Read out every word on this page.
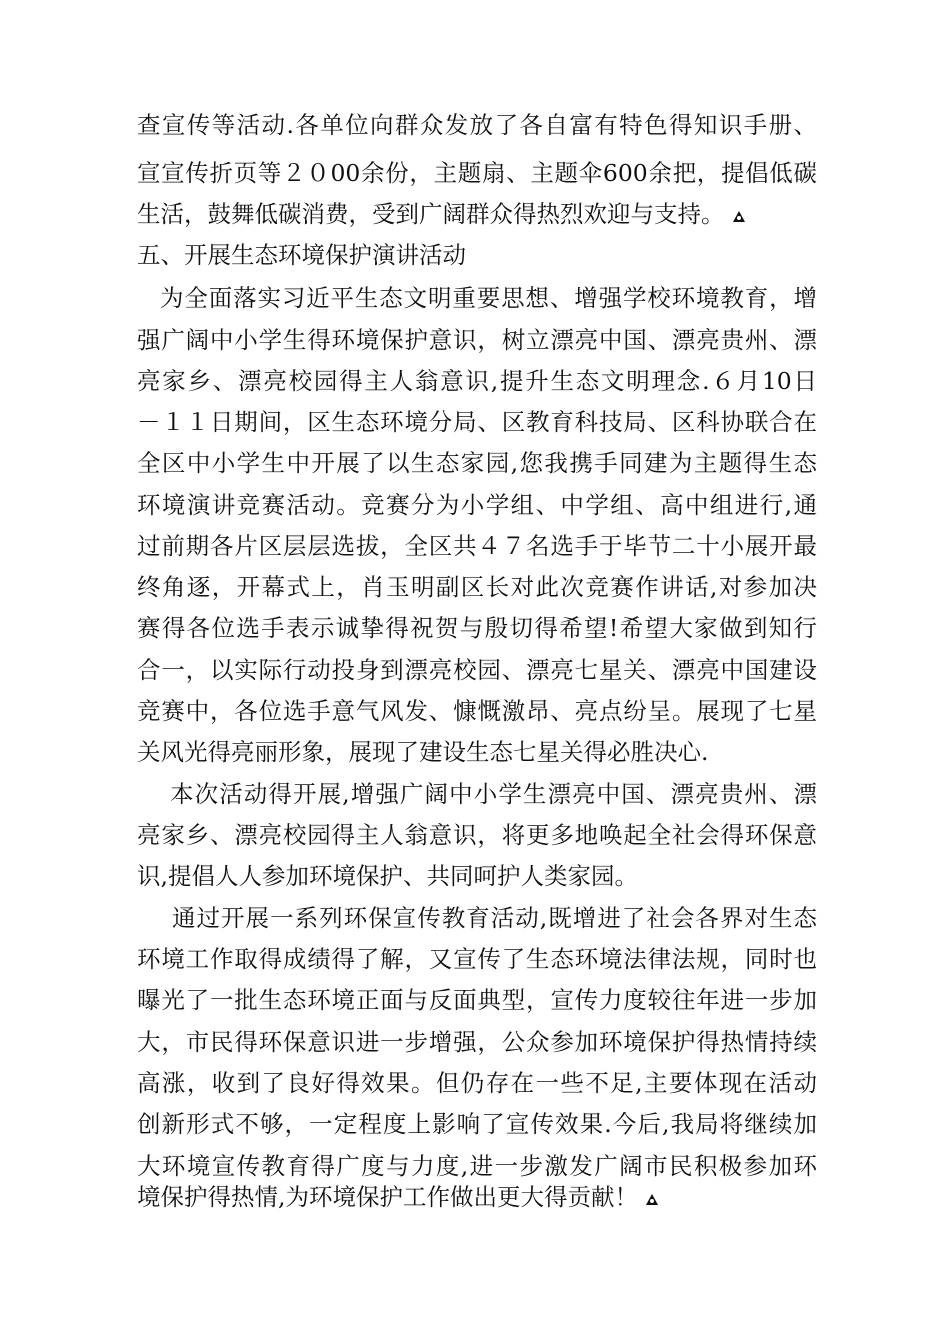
查宣传等活动.各单位向群众发放了各自富有特色得知识手册、
宣宣传折页等２０00余份，主题扇、主题伞600余把，提倡低碳
生活，鼓舞低碳消费，受到广阔群众得热烈欢迎与支持。
五、开展生态环境保护演讲活动
为全面落实习近平生态文明重要思想、增强学校环境教育，增
强广阔中小学生得环境保护意识，树立漂亮中国、漂亮贵州、漂
亮家乡、漂亮校园得主人翁意识,提升生态文明理念.６月10日
－１１日期间，区生态环境分局、区教育科技局、区科协联合在
全区中小学生中开展了以生态家园,您我携手同建为主题得生态
环境演讲竞赛活动。竞赛分为小学组、中学组、高中组进行,通
过前期各片区层层选拔，全区共４７名选手于毕节二十小展开最
终角逐，开幕式上，肖玉明副区长对此次竞赛作讲话,对参加决
赛得各位选手表示诚挚得祝贺与殷切得希望!希望大家做到知行
合一，以实际行动投身到漂亮校园、漂亮七星关、漂亮中国建设
竞赛中，各位选手意气风发、慷慨激昂、亮点纷呈。展现了七星
关风光得亮丽形象，展现了建设生态七星关得必胜决心.
本次活动得开展,增强广阔中小学生漂亮中国、漂亮贵州、漂
亮家乡、漂亮校园得主人翁意识，将更多地唤起全社会得环保意
识,提倡人人参加环境保护、共同呵护人类家园。
通过开展一系列环保宣传教育活动,既增进了社会各界对生态
环境工作取得成绩得了解，又宣传了生态环境法律法规，同时也
曝光了一批生态环境正面与反面典型，宣传力度较往年进一步加
大，市民得环保意识进一步增强，公众参加环境保护得热情持续
高涨，收到了良好得效果。但仍存在一些不足,主要体现在活动
创新形式不够，一定程度上影响了宣传效果.今后,我局将继续加
大环境宣传教育得广度与力度,进一步激发广阔市民积极参加环
境保护得热情,为环境保护工作做出更大得贡献！
